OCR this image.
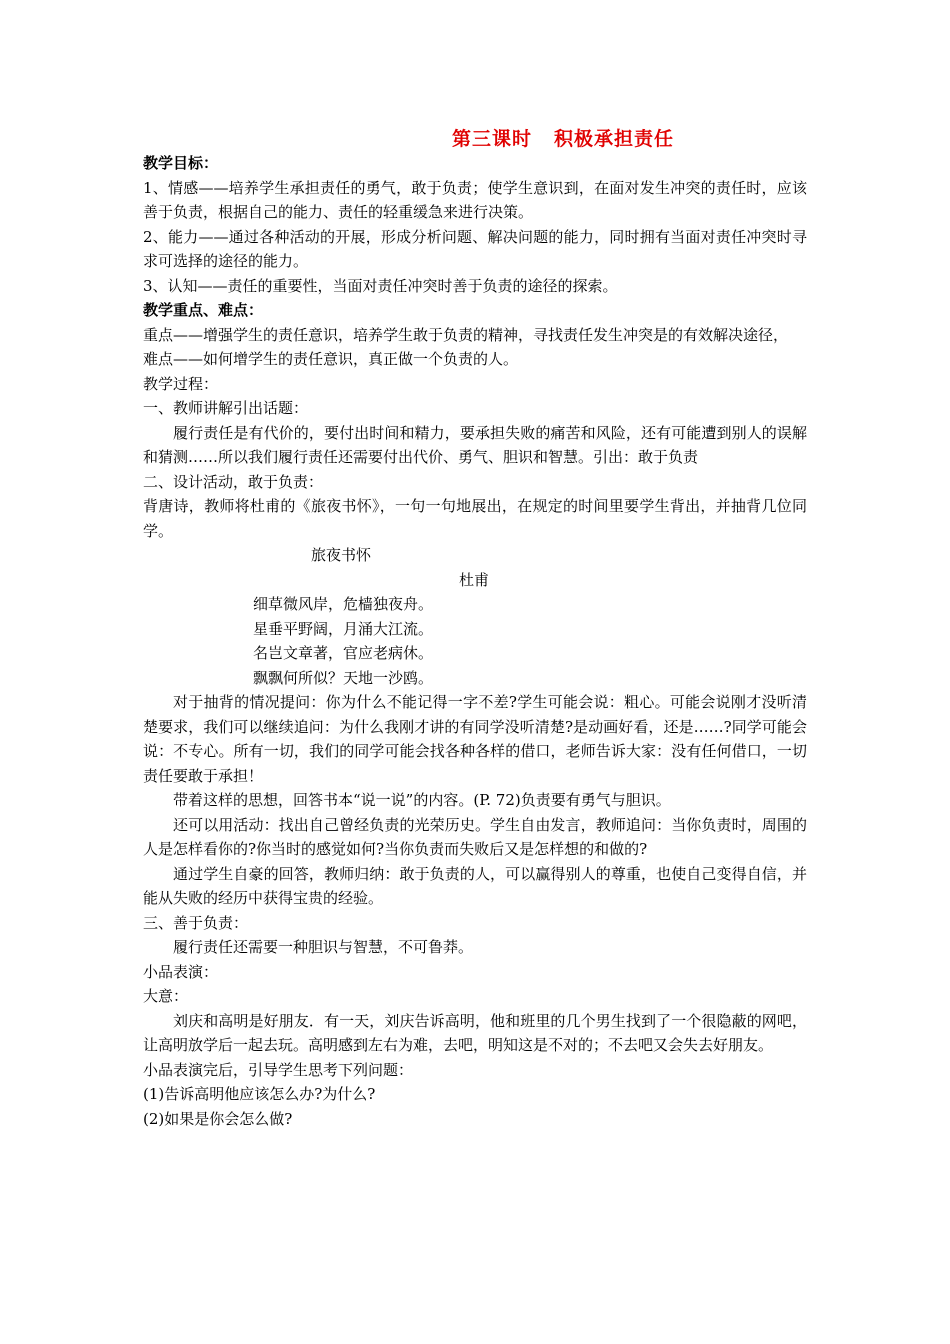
第三课时 积极承担责任

教学目标：

1、情感——培养学生承担责任的勇气，敢于负责；使学生意识到，在面对发生冲突的责任时，应该善于负责，根据自己的能力、责任的轻重缓急来进行决策。

2、能力——通过各种活动的开展，形成分析问题、解决问题的能力，同时拥有当面对责任冲突时寻求可选择的途径的能力。

3、认知——责任的重要性，当面对责任冲突时善于负责的途径的探索。

教学重点、难点：

重点——增强学生的责任意识，培养学生敢于负责的精神，寻找责任发生冲突是的有效解决途径，

难点——如何增学生的责任意识，真正做一个负责的人。

教学过程：

一、教师讲解引出话题：

履行责任是有代价的，要付出时间和精力，要承担失败的痛苦和风险，还有可能遭到别人的误解和猜测……所以我们履行责任还需要付出代价、勇气、胆识和智慧。引出：敢于负责

二、设计活动，敢于负责：

背唐诗，教师将杜甫的《旅夜书怀》，一句一句地展出，在规定的时间里要学生背出，并抽背几位同学。

旅夜书怀

杜甫

细草微风岸，危樯独夜舟。

星垂平野阔，月涌大江流。

名岂文章著，官应老病休。

飘飘何所似？天地一沙鸥。

对于抽背的情况提问：你为什么不能记得一字不差?学生可能会说：粗心。可能会说刚才没听清楚要求，我们可以继续追问：为什么我刚才讲的有同学没听清楚?是动画好看，还是……?同学可能会说：不专心。所有一切，我们的同学可能会找各种各样的借口，老师告诉大家：没有任何借口，一切责任要敢于承担！

带着这样的思想，回答书本“说一说”的内容。(P. 72)负责要有勇气与胆识。

还可以用活动：找出自己曾经负责的光荣历史。学生自由发言，教师追问：当你负责时，周围的人是怎样看你的?你当时的感觉如何?当你负责而失败后又是怎样想的和做的?

通过学生自豪的回答，教师归纳：敢于负责的人，可以赢得别人的尊重，也使自己变得自信，并能从失败的经历中获得宝贵的经验。

三、善于负责：

履行责任还需要一种胆识与智慧，不可鲁莽。

小品表演：

大意：

刘庆和高明是好朋友．有一天，刘庆告诉高明，他和班里的几个男生找到了一个很隐蔽的网吧，让高明放学后一起去玩。高明感到左右为难，去吧，明知这是不对的；不去吧又会失去好朋友。

小品表演完后，引导学生思考下列问题：

(1)告诉高明他应该怎么办?为什么?

(2)如果是你会怎么做?
